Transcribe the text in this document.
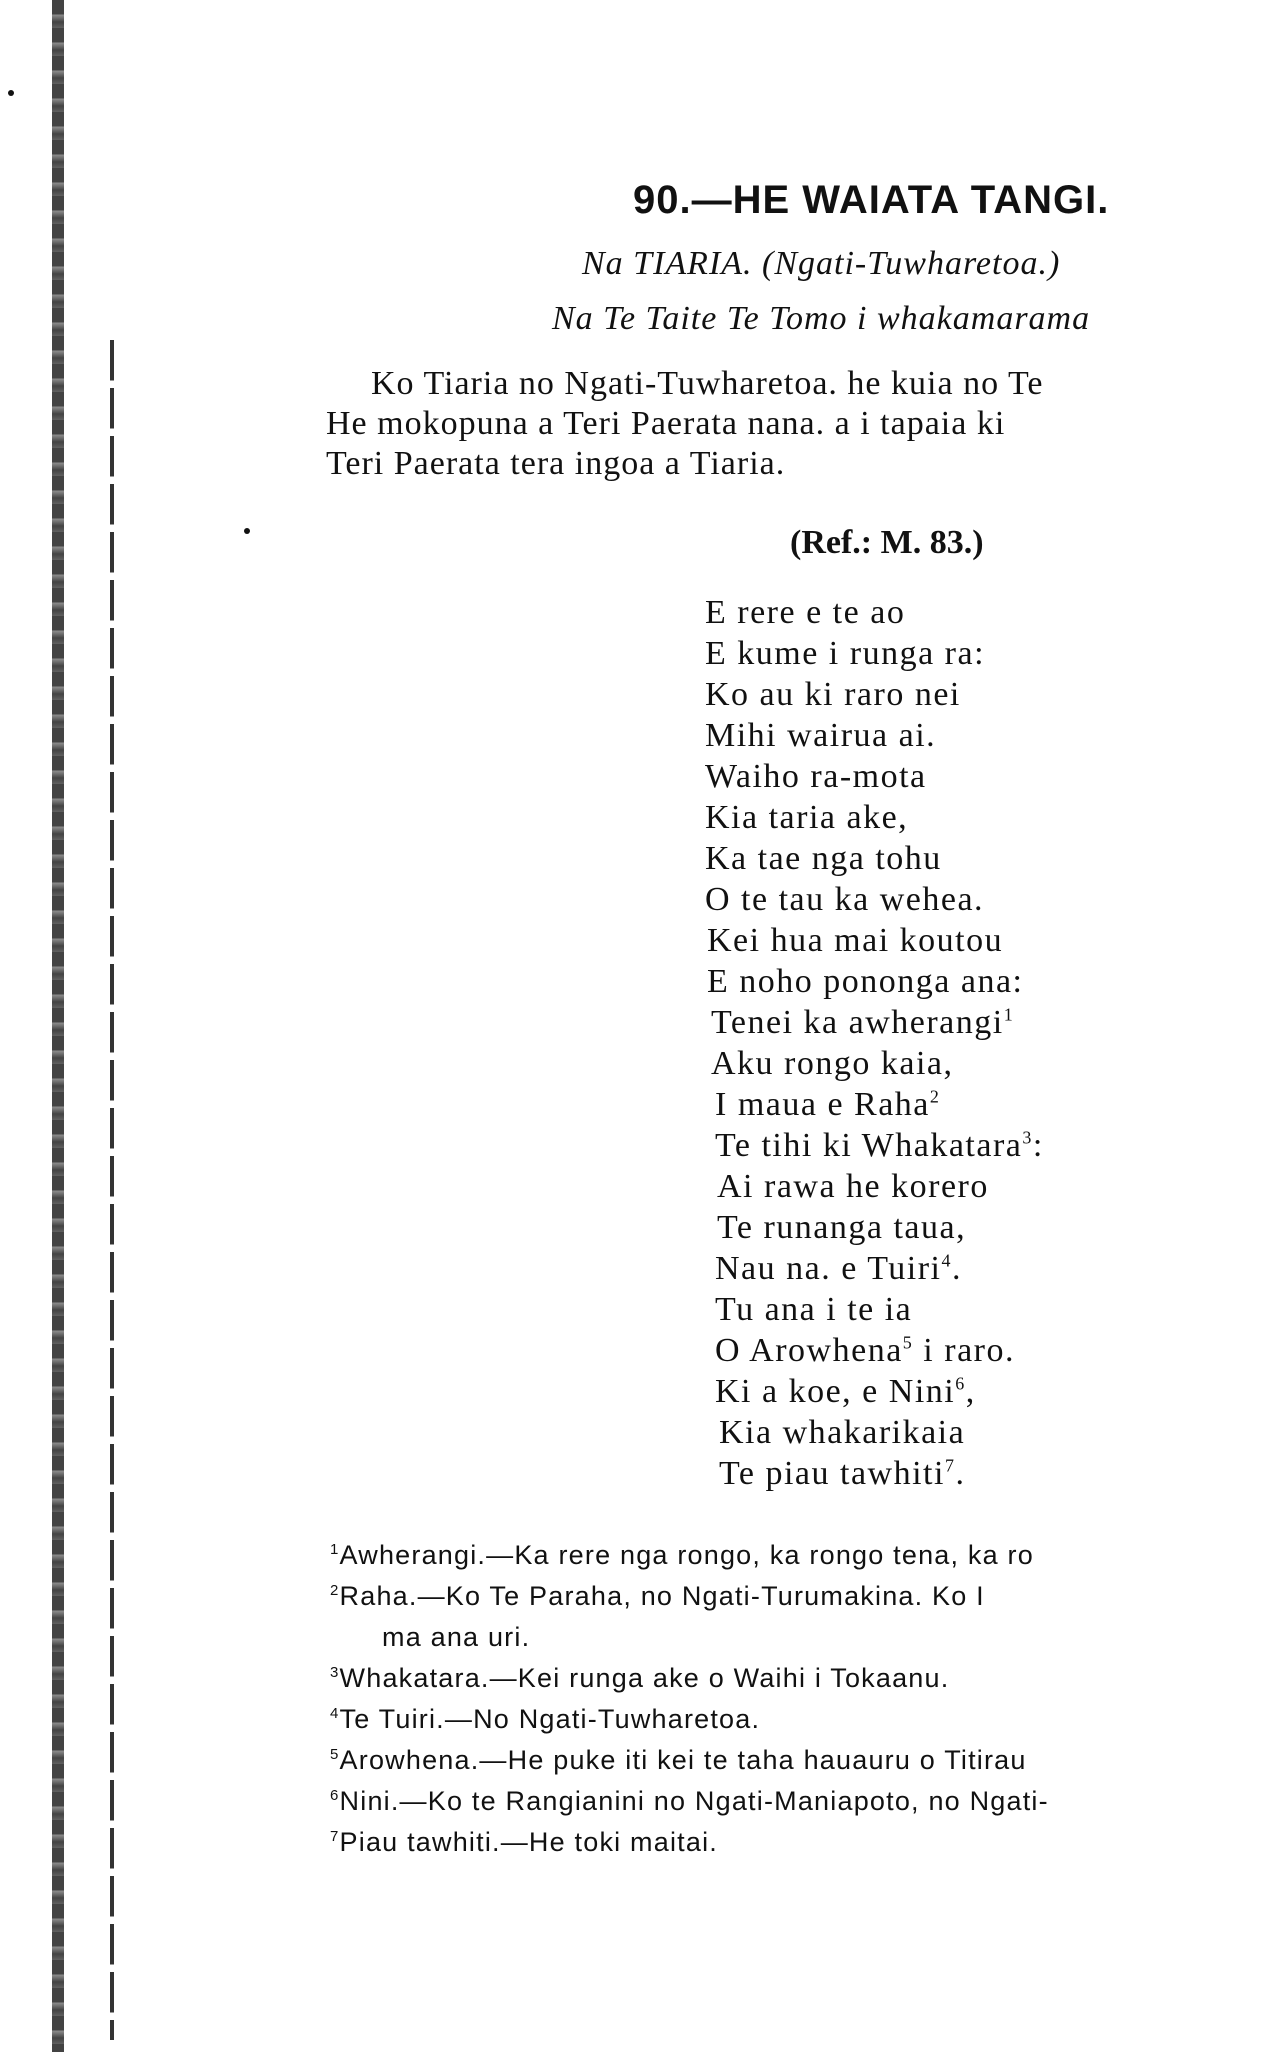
90.—HE WAIATA TANGI.

Na TIARIA. (Ngati-Tuwharetoa.)

Na Te Taite Te Tomo i whakamarama

Ko Tiaria no Ngati-Tuwharetoa. he kuia no Te
He mokopuna a Teri Paerata nana. a i tapaia ki
Teri Paerata tera ingoa a Tiaria.
(Ref.: M. 83.)
E rere e te ao
E kume i runga ra:
Ko au ki raro nei
Mihi wairua ai.
Waiho ra-mota
Kia taria ake,
Ka tae nga tohu
O te tau ka wehea.
Kei hua mai koutou
E noho pononga ana:
Tenei ka awherangi$^1$
Aku rongo kaia,
I maua e Raha$^2$
Te tihi ki Whakatara$^3$:
Ai rawa he korero
Te runanga taua,
Nau na. e Tuiri$^4$.
Tu ana i te ia
O Arowhena$^5$ i raro.
Ki a koe, e Nini$^6$,
Kia whakarikaia
Te piau tawhiti$^7$.
$^1$Awherangi.—Ka rere nga rongo, ka rongo tena, ka ro
$^2$Raha.—Ko Te Paraha, no Ngati-Turumakina. Ko I
ma ana uri.
$^3$Whakatara.—Kei runga ake o Waihi i Tokaanu.
$^4$Te Tuiri.—No Ngati-Tuwharetoa.
$^5$Arowhena.—He puke iti kei te taha hauauru o Titirau
$^6$Nini.—Ko te Rangianini no Ngati-Maniapoto, no Ngati-
$^7$Piau tawhiti.—He toki maitai.
